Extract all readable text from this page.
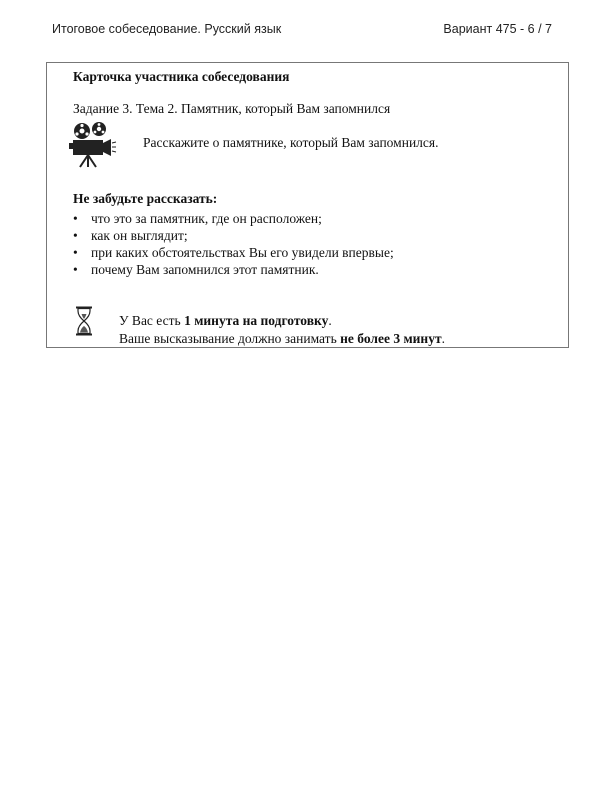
Итоговое собеседование. Русский язык	Вариант 475 - 6 / 7
Карточка участника собеседования
Задание 3. Тема 2. Памятник, который Вам запомнился
Расскажите о памятнике, который Вам запомнился.
Не забудьте рассказать:
• что это за памятник, где он расположен;
• как он выглядит;
• при каких обстоятельствах Вы его увидели впервые;
• почему Вам запомнился этот памятник.
У Вас есть 1 минута на подготовку.
Ваше высказывание должно занимать не более 3 минут.
